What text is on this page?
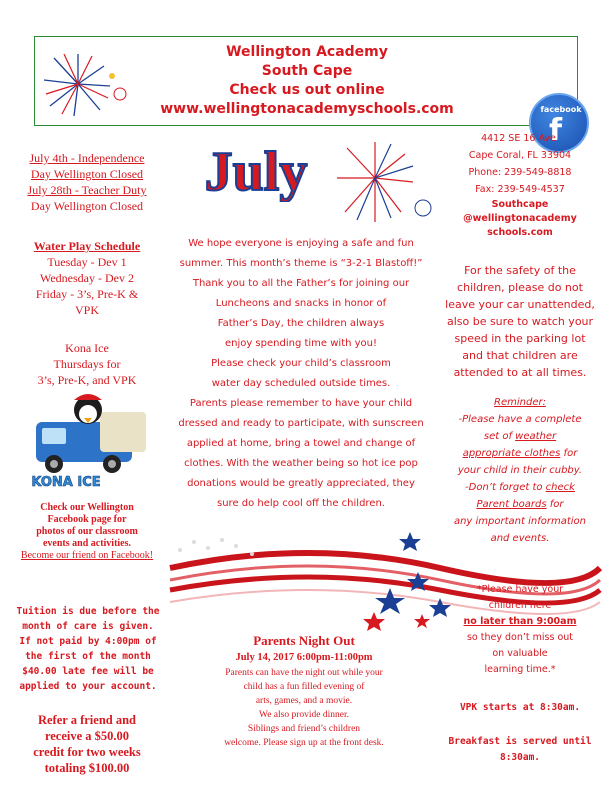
Wellington Academy
South Cape
Check us out online
www.wellingtonacademyschools.com	facebook
f
July
July 4th - Independence
Day Wellington Closed
July 28th - Teacher Duty
Day Wellington Closed
Water Play Schedule
Tuesday - Dev 1
Wednesday - Dev 2
Friday - 3’s, Pre-K &
VPK
Kona Ice
Thursdays for
3’s, Pre-K, and VPK
KONA ICE
Check our Wellington
Facebook page for
photos of our classroom
events and activities.
Become our friend on Facebook!
Tuition is due before the
month of care is given.
If not paid by 4:00pm of
the first of the month
$40.00 late fee will be
applied to your account.
Refer a friend and
receive a $50.00
credit for two weeks
totaling $100.00

We hope everyone is enjoying a safe and fun

summer. This month’s theme is “3-2-1 Blastoff!”

Thank you to all the Father’s for joining our

Luncheons and snacks in honor of

Father’s Day, the children always

enjoy spending time with you!

Please check your child’s classroom

water day scheduled outside times.

Parents please remember to have your child

dressed and ready to participate, with sunscreen

applied at home, bring a towel and change of

clothes. With the weather being so hot ice pop

donations would be greatly appreciated, they

sure do help cool off the children.

Parents Night Out
July 14, 2017 6:00pm-11:00pm
Parents can have the night out while your
child has a fun filled evening of
arts, games, and a movie.
We also provide dinner.
Siblings and friend’s children
welcome. Please sign up at the front desk.
4412 SE 16 Ave.
Cape Coral, FL 33904
Phone: 239-549-8818
Fax: 239-549-4537
Southcape
@wellingtonacademy
schools.com
For the safety of the
children, please do not
leave your car unattended,
also be sure to watch your
speed in the parking lot
and that children are
attended to at all times.
Reminder:
-Please have a complete
set of weather
appropriate clothes for
your child in their cubby.
-Don’t forget to check
Parent boards for
any important information
and events.
*Please have your
children here
no later than 9:00am
so they don’t miss out
on valuable
learning time.*
VPK starts at 8:30am.
Breakfast is served until
8:30am.
